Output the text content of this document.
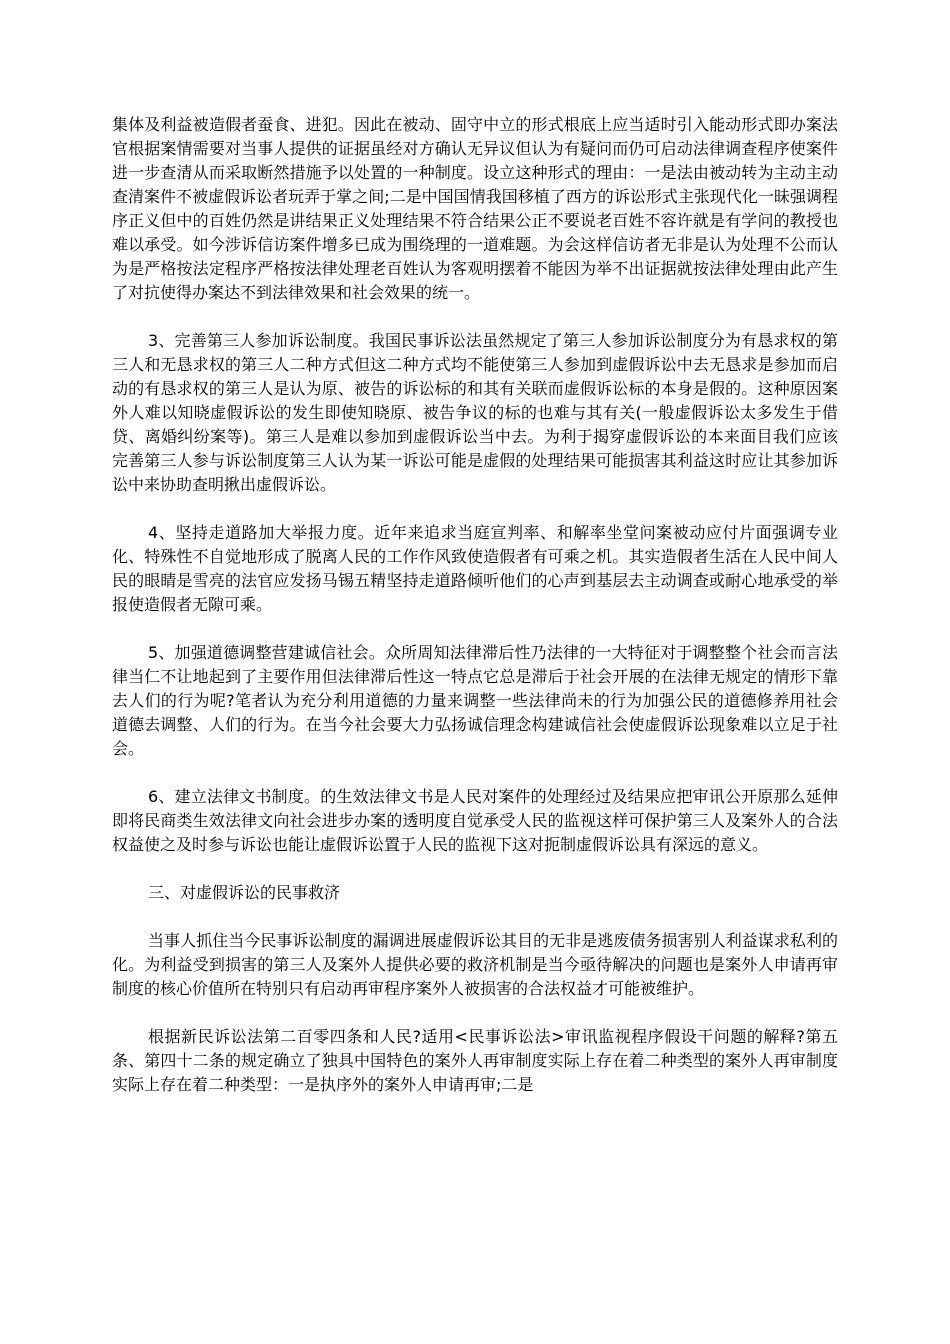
集体及利益被造假者蚕食、进犯。因此在被动、固守中立的形式根底上应当适时引入能动形式即办案法官根据案情需要对当事人提供的证据虽经对方确认无异议但认为有疑问而仍可启动法律调查程序使案件进一步查清从而采取断然措施予以处置的一种制度。设立这种形式的理由：一是法由被动转为主动主动查清案件不被虚假诉讼者玩弄于掌之间;二是中国国情我国移植了西方的诉讼形式主张现代化一昧强调程序正义但中的百姓仍然是讲结果正义处理结果不符合结果公正不要说老百姓不容许就是有学问的教授也难以承受。如今涉诉信访案件增多已成为围绕理的一道难题。为会这样信访者无非是认为处理不公而认为是严格按法定程序严格按法律处理老百姓认为客观明摆着不能因为举不出证据就按法律处理由此产生了对抗使得办案达不到法律效果和社会效果的统一。

3、完善第三人参加诉讼制度。我国民事诉讼法虽然规定了第三人参加诉讼制度分为有恳求权的第三人和无恳求权的第三人二种方式但这二种方式均不能使第三人参加到虚假诉讼中去无恳求是参加而启动的有恳求权的第三人是认为原、被告的诉讼标的和其有关联而虚假诉讼标的本身是假的。这种原因案外人难以知晓虚假诉讼的发生即使知晓原、被告争议的标的也难与其有关(一般虚假诉讼太多发生于借贷、离婚纠纷案等)。第三人是难以参加到虚假诉讼当中去。为利于揭穿虚假诉讼的本来面目我们应该完善第三人参与诉讼制度第三人认为某一诉讼可能是虚假的处理结果可能损害其利益这时应让其参加诉讼中来协助查明揪出虚假诉讼。

4、坚持走道路加大举报力度。近年来追求当庭宣判率、和解率坐堂问案被动应付片面强调专业化、特殊性不自觉地形成了脱离人民的工作作风致使造假者有可乘之机。其实造假者生活在人民中间人民的眼睛是雪亮的法官应发扬马锡五精坚持走道路倾听他们的心声到基层去主动调查或耐心地承受的举报使造假者无隙可乘。

5、加强道德调整营建诚信社会。众所周知法律滞后性乃法律的一大特征对于调整整个社会而言法律当仁不让地起到了主要作用但法律滞后性这一特点它总是滞后于社会开展的在法律无规定的情形下靠去人们的行为呢?笔者认为充分利用道德的力量来调整一些法律尚未的行为加强公民的道德修养用社会道德去调整、人们的行为。在当今社会要大力弘扬诚信理念构建诚信社会使虚假诉讼现象难以立足于社会。

6、建立法律文书制度。的生效法律文书是人民对案件的处理经过及结果应把审讯公开原那么延伸即将民商类生效法律文向社会进步办案的透明度自觉承受人民的监视这样可保护第三人及案外人的合法权益使之及时参与诉讼也能让虚假诉讼置于人民的监视下这对扼制虚假诉讼具有深远的意义。

三、对虚假诉讼的民事救济

当事人抓住当今民事诉讼制度的漏调进展虚假诉讼其目的无非是逃废债务损害别人利益谋求私利的化。为利益受到损害的第三人及案外人提供必要的救济机制是当今亟待解决的问题也是案外人申请再审制度的核心价值所在特别只有启动再审程序案外人被损害的合法权益才可能被维护。

根据新民诉讼法第二百零四条和人民?适用<民事诉讼法>审讯监视程序假设干问题的解释?第五条、第四十二条的规定确立了独具中国特色的案外人再审制度实际上存在着二种类型的案外人再审制度实际上存在着二种类型：一是执序外的案外人申请再审;二是
